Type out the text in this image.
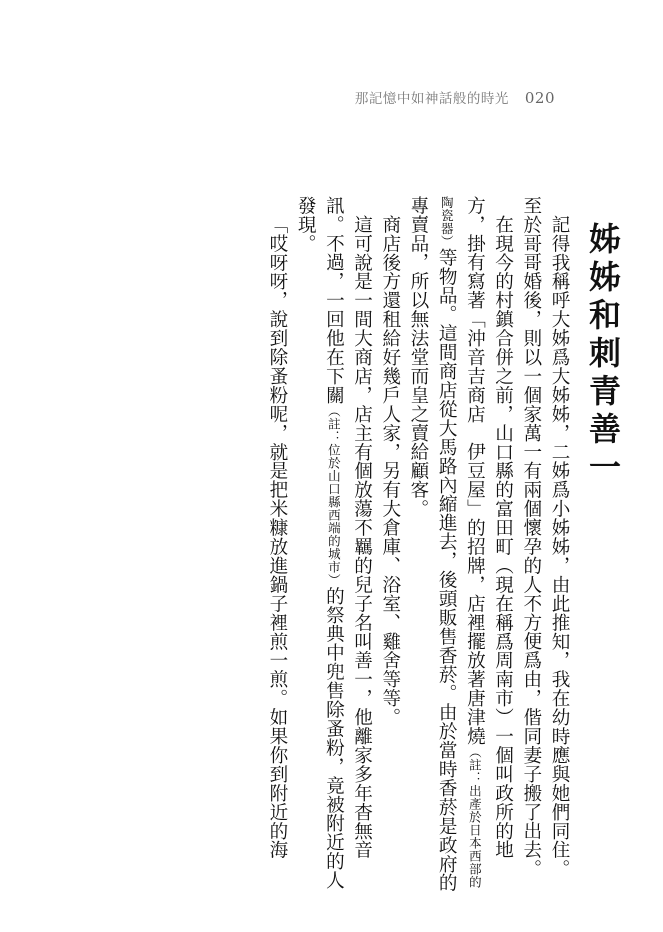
那記憶中如神話般的時光 020
姊姊和刺青善一

記得我稱呼大姊爲大姊姊，二姊爲小姊姊，由此推知，我在幼時應與她們同住。至於哥哥婚後，則以一個家萬一有兩個懷孕的人不方便爲由，偕同妻子搬了出去。

在現今的村鎮合併之前，山口縣的富田町（現在稱爲周南市）一個叫政所的地方，掛有寫著「沖音吉商店　伊豆屋」的招牌，店裡擺放著唐津燒（註：出產於日本西部的陶瓷器）等物品。這間商店從大馬路內縮進去，後頭販售香菸。由於當時香菸是政府的專賣品，所以無法堂而皇之賣給顧客。

商店後方還租給好幾戶人家，另有大倉庫、浴室、雞舍等等。

這可說是一間大商店，店主有個放蕩不羈的兒子名叫善一，他離家多年杳無音訊。不過，一回他在下關（註：位於山口縣西端的城市）的祭典中兜售除蚤粉，竟被附近的人發現。

「哎呀呀，說到除蚤粉呢，就是把米糠放進鍋子裡煎一煎。如果你到附近的海
